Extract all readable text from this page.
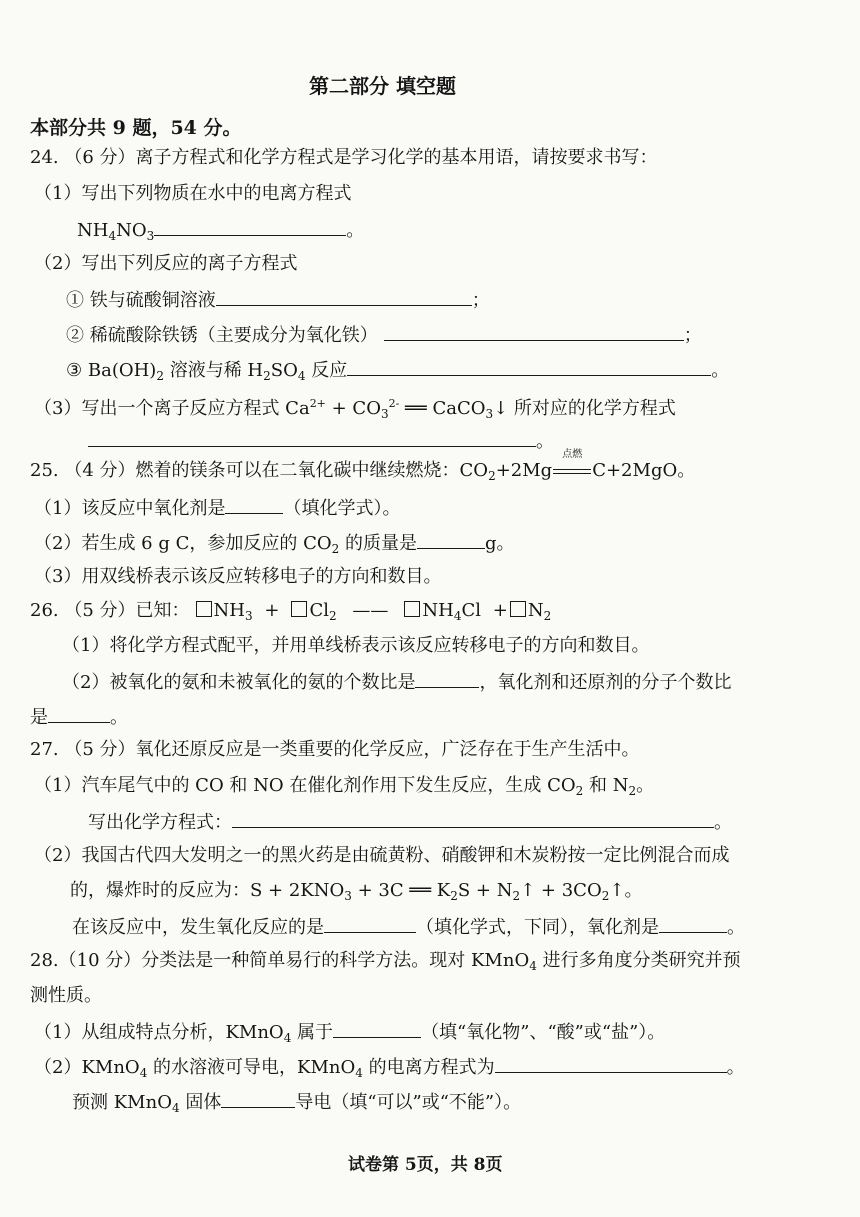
第二部分 填空题
本部分共 9 题，54 分。
24. （6 分）离子方程式和化学方程式是学习化学的基本用语，请按要求书写：
（1）写出下列物质在水中的电离方程式
$NH_4NO_3$	。
（2）写出下列反应的离子方程式
① 铁与硫酸铜溶液	；
② 稀硫酸除铁锈（主要成分为氧化铁）	；
③ $Ba(OH)_2$ 溶液与稀 $H_2SO_4$ 反应	。
（3）写出一个离子反应方程式 $Ca^{2+} + CO_3^{2-}$ ══ CaCO$_3$↓ 所对应的化学方程式
。
25. （4 分）燃着的镁条可以在二氧化碳中继续燃烧：$CO_2+2Mg$
点燃
C+2MgO。
（1）该反应中氧化剂是	（填化学式）。
（2）若生成 6 g C，参加反应的 $CO_2$ 的质量是	g。
（3）用双线桥表示该反应转移电子的方向和数目。
26. （5 分）已知： $NH_3 + Cl_2$ —— $NH_4Cl + N_2$
（1）将化学方程式配平，并用单线桥表示该反应转移电子的方向和数目。
（2）被氧化的氨和未被氧化的氨的个数比是	，氧化剂和还原剂的分子个数比
是	。
27. （5 分）氧化还原反应是一类重要的化学反应，广泛存在于生产生活中。
（1）汽车尾气中的 CO 和 NO 在催化剂作用下发生反应，生成 $CO_2$ 和 $N_2$。
写出化学方程式：	。
（2）我国古代四大发明之一的黑火药是由硫黄粉、硝酸钾和木炭粉按一定比例混合而成
的，爆炸时的反应为：$S + 2KNO_3 + 3C$ ══ $K_2S$ + $N_2↑$ + $3CO_2↑$。
在该反应中，发生氧化反应的是	（填化学式，下同），氧化剂是	。
28.（10 分）分类法是一种简单易行的科学方法。现对 KMnO$_4$ 进行多角度分类研究并预
测性质。
（1）从组成特点分析，KMnO$_4$ 属于	（填“氧化物”、“酸”或“盐”）。
（2）KMnO$_4$ 的水溶液可导电，KMnO$_4$ 的电离方程式为	。
预测 KMnO$_4$ 固体	导电（填“可以”或“不能”）。
试卷第 5页，共 8页
